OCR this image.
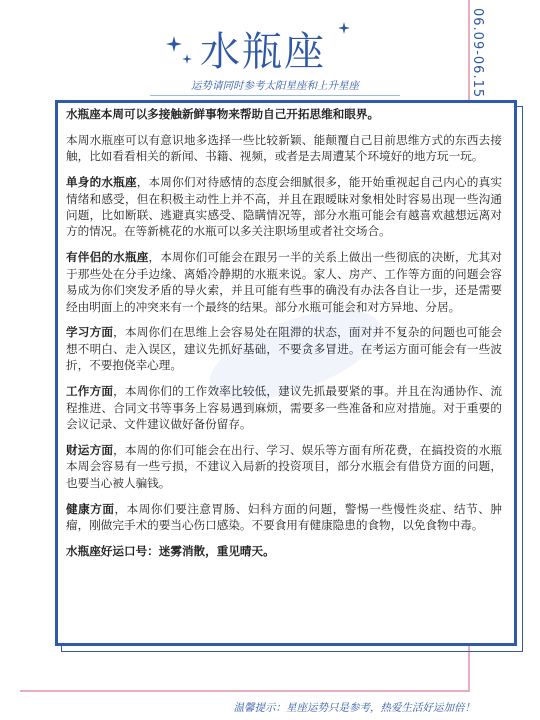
06.09-06.15
水瓶座
运势请同时参考太阳星座和上升星座

水瓶座本周可以多接触新鲜事物来帮助自己开拓思维和眼界。

本周水瓶座可以有意识地多选择一些比较新颖、能颠覆自己目前思维方式的东西去接触，比如看看相关的新闻、书籍、视频，或者是去周遭某个环境好的地方玩一玩。

单身的水瓶座，本周你们对待感情的态度会细腻很多，能开始重视起自己内心的真实情绪和感受，但在积极主动性上并不高，并且在跟暧昧对象相处时容易出现一些沟通问题，比如断联、逃避真实感受、隐瞒情况等，部分水瓶可能会有越喜欢越想远离对方的情况。在等新桃花的水瓶可以多关注职场里或者社交场合。

有伴侣的水瓶座，本周你们可能会在跟另一半的关系上做出一些彻底的决断，尤其对于那些处在分手边缘、离婚冷静期的水瓶来说。家人、房产、工作等方面的问题会容易成为你们突发矛盾的导火索，并且可能有些事的确没有办法各自让一步，还是需要经由明面上的冲突来有一个最终的结果。部分水瓶可能会和对方异地、分居。

学习方面，本周你们在思维上会容易处在阻滞的状态，面对并不复杂的问题也可能会想不明白、走入误区，建议先抓好基础，不要贪多冒进。在考运方面可能会有一些波折，不要抱侥幸心理。

工作方面，本周你们的工作效率比较低，建议先抓最要紧的事。并且在沟通协作、流程推进、合同文书等事务上容易遇到麻烦，需要多一些准备和应对措施。对于重要的会议记录、文件建议做好备份留存。

财运方面，本周的你们可能会在出行、学习、娱乐等方面有所花费，在搞投资的水瓶本周会容易有一些亏损，不建议入局新的投资项目，部分水瓶会有借贷方面的问题，也要当心被人骗钱。

健康方面，本周你们要注意胃肠、妇科方面的问题，警惕一些慢性炎症、结节、肿瘤，刚做完手术的要当心伤口感染。不要食用有健康隐患的食物，以免食物中毒。

水瓶座好运口号：迷雾消散，重见晴天。

温馨提示：星座运势只是参考，热爱生活好运加倍！
